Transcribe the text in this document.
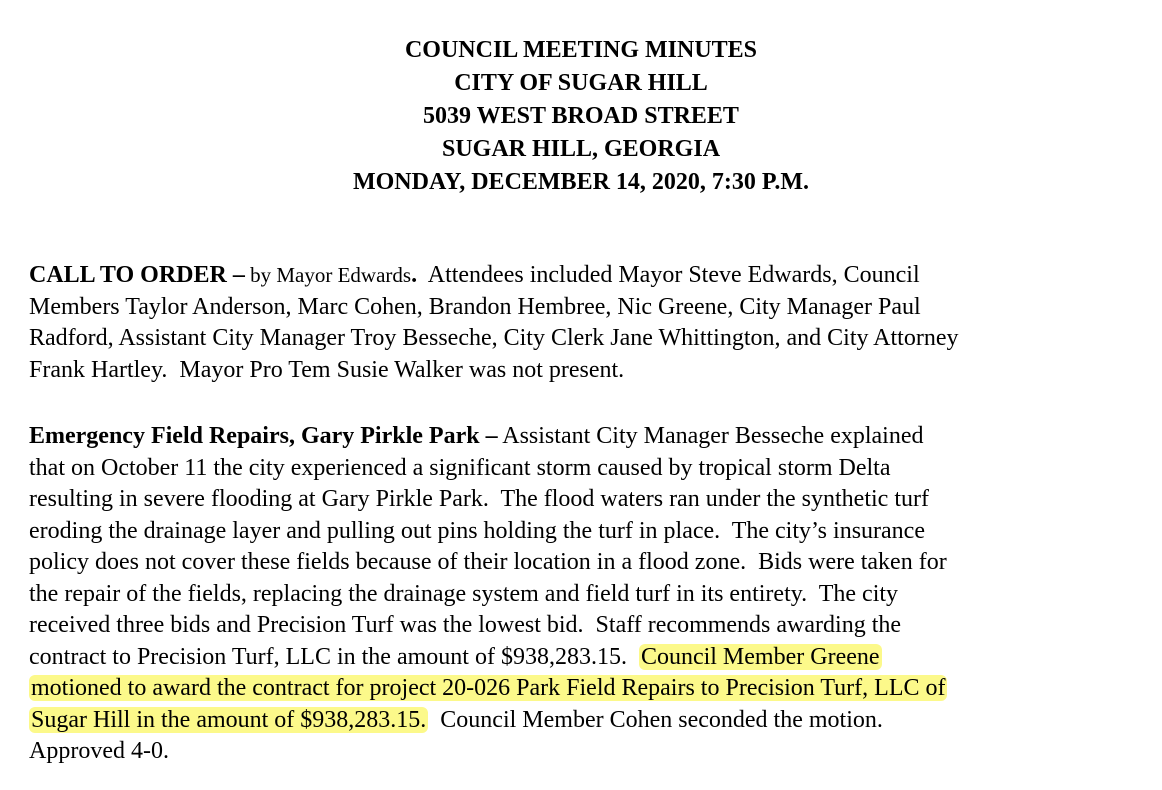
COUNCIL MEETING MINUTES
CITY OF SUGAR HILL
5039 WEST BROAD STREET
SUGAR HILL, GEORGIA
MONDAY, DECEMBER 14, 2020, 7:30 P.M.
CALL TO ORDER – by Mayor Edwards.  Attendees included Mayor Steve Edwards, Council
Members Taylor Anderson, Marc Cohen, Brandon Hembree, Nic Greene, City Manager Paul
Radford, Assistant City Manager Troy Besseche, City Clerk Jane Whittington, and City Attorney
Frank Hartley.  Mayor Pro Tem Susie Walker was not present.
Emergency Field Repairs, Gary Pirkle Park – Assistant City Manager Besseche explained
that on October 11 the city experienced a significant storm caused by tropical storm Delta
resulting in severe flooding at Gary Pirkle Park.  The flood waters ran under the synthetic turf
eroding the drainage layer and pulling out pins holding the turf in place.  The city’s insurance
policy does not cover these fields because of their location in a flood zone.  Bids were taken for
the repair of the fields, replacing the drainage system and field turf in its entirety.  The city
received three bids and Precision Turf was the lowest bid.  Staff recommends awarding the
contract to Precision Turf, LLC in the amount of $938,283.15.  Council Member Greene
motioned to award the contract for project 20-026 Park Field Repairs to Precision Turf, LLC of
Sugar Hill in the amount of $938,283.15.  Council Member Cohen seconded the motion.
Approved 4-0.
